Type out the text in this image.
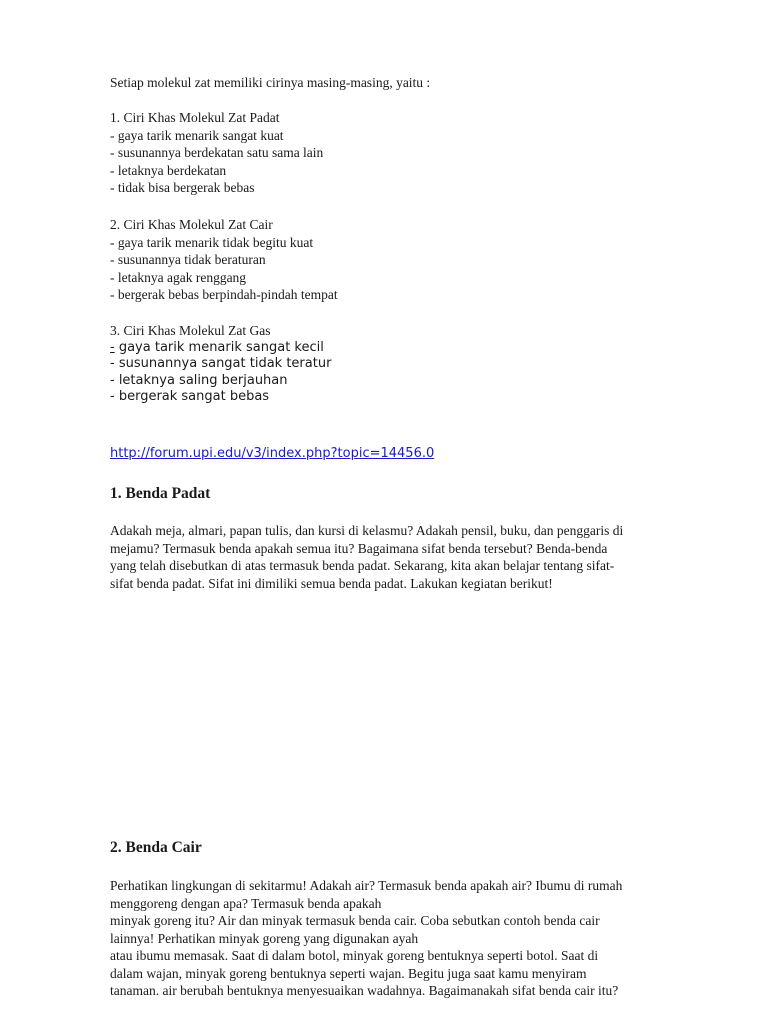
Setiap molekul zat memiliki cirinya masing-masing, yaitu :
1. Ciri Khas Molekul Zat Padat
- gaya tarik menarik sangat kuat
- susunannya berdekatan satu sama lain
- letaknya berdekatan
- tidak bisa bergerak bebas
2. Ciri Khas Molekul Zat Cair
- gaya tarik menarik tidak begitu kuat
- susunannya tidak beraturan
- letaknya agak renggang
- bergerak bebas berpindah-pindah tempat
3. Ciri Khas Molekul Zat Gas
- gaya tarik menarik sangat kecil
- susunannya sangat tidak teratur
- letaknya saling berjauhan
- bergerak sangat bebas
http://forum.upi.edu/v3/index.php?topic=14456.0
1. Benda Padat
Adakah meja, almari, papan tulis, dan kursi di kelasmu? Adakah pensil, buku, dan penggaris di
mejamu? Termasuk benda apakah semua itu? Bagaimana sifat benda tersebut? Benda-benda
yang telah disebutkan di atas termasuk benda padat. Sekarang, kita akan belajar tentang sifat-
sifat benda padat. Sifat ini dimiliki semua benda padat. Lakukan kegiatan berikut!
2. Benda Cair
Perhatikan lingkungan di sekitarmu! Adakah air? Termasuk benda apakah air? Ibumu di rumah
menggoreng dengan apa? Termasuk benda apakah
minyak goreng itu? Air dan minyak termasuk benda cair. Coba sebutkan contoh benda cair
lainnya! Perhatikan minyak goreng yang digunakan ayah
atau ibumu memasak. Saat di dalam botol, minyak goreng bentuknya seperti botol. Saat di
dalam wajan, minyak goreng bentuknya seperti wajan. Begitu juga saat kamu menyiram
tanaman. air berubah bentuknya menyesuaikan wadahnya. Bagaimanakah sifat benda cair itu?
